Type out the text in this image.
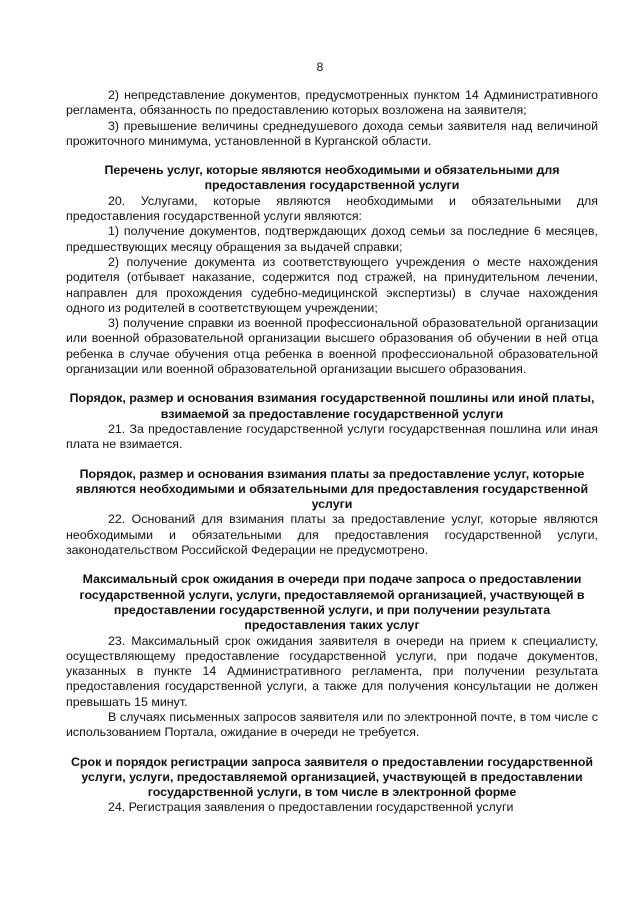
8

2) непредставление документов, предусмотренных пунктом 14 Административного регламента, обязанность по предоставлению которых возложена на заявителя;

3) превышение величины среднедушевого дохода семьи заявителя над величиной прожиточного минимума, установленной в Курганской области.

Перечень услуг, которые являются необходимыми и обязательными для предоставления государственной услуги

20. Услугами, которые являются необходимыми и обязательными для предоставления государственной услуги являются:

1) получение документов, подтверждающих доход семьи за последние 6 месяцев, предшествующих месяцу обращения за выдачей справки;

2) получение документа из соответствующего учреждения о месте нахождения родителя (отбывает наказание, содержится под стражей, на принудительном лечении, направлен для прохождения судебно-медицинской экспертизы) в случае нахождения одного из родителей в соответствующем учреждении;

3) получение справки из военной профессиональной образовательной организации или военной образовательной организации высшего образования об обучении в ней отца ребенка в случае обучения отца ребенка в военной профессиональной образовательной организации или военной образовательной организации высшего образования.

Порядок, размер и основания взимания государственной пошлины или иной платы, взимаемой за предоставление государственной услуги

21. За предоставление государственной услуги государственная пошлина или иная плата не взимается.

Порядок, размер и основания взимания платы за предоставление услуг, которые являются необходимыми и обязательными для предоставления государственной услуги

22. Оснований для взимания платы за предоставление услуг, которые являются необходимыми и обязательными для предоставления государственной услуги, законодательством Российской Федерации не предусмотрено.

Максимальный срок ожидания в очереди при подаче запроса о предоставлении государственной услуги, услуги, предоставляемой организацией, участвующей в предоставлении государственной услуги, и при получении результата предоставления таких услуг

23. Максимальный срок ожидания заявителя в очереди на прием к специалисту, осуществляющему предоставление государственной услуги, при подаче документов, указанных в пункте 14 Административного регламента, при получении результата предоставления государственной услуги, а также для получения консультации не должен превышать 15 минут.

В случаях письменных запросов заявителя или по электронной почте, в том числе с использованием Портала, ожидание в очереди не требуется.

Срок и порядок регистрации запроса заявителя о предоставлении государственной услуги, услуги, предоставляемой организацией, участвующей в предоставлении государственной услуги, в том числе в электронной форме

24. Регистрация заявления о предоставлении государственной услуги
